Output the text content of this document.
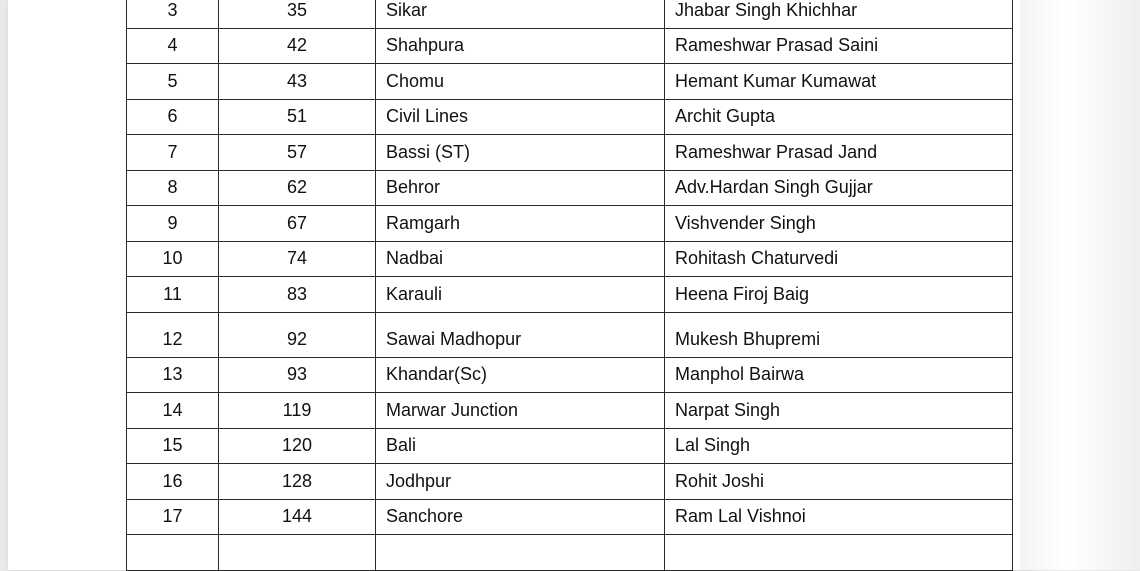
3	35	Sikar	Jhabar Singh Khichhar
4	42	Shahpura	Rameshwar Prasad Saini
5	43	Chomu	Hemant Kumar Kumawat
6	51	Civil Lines	Archit Gupta
7	57	Bassi (ST)	Rameshwar Prasad Jand
8	62	Behror	Adv.Hardan Singh Gujjar
9	67	Ramgarh	Vishvender Singh
10	74	Nadbai	Rohitash Chaturvedi
11	83	Karauli	Heena Firoj Baig
12	92	Sawai Madhopur	Mukesh Bhupremi
13	93	Khandar(Sc)	Manphol Bairwa
14	119	Marwar Junction	Narpat Singh
15	120	Bali	Lal Singh
16	128	Jodhpur	Rohit Joshi
17	144	Sanchore	Ram Lal Vishnoi
